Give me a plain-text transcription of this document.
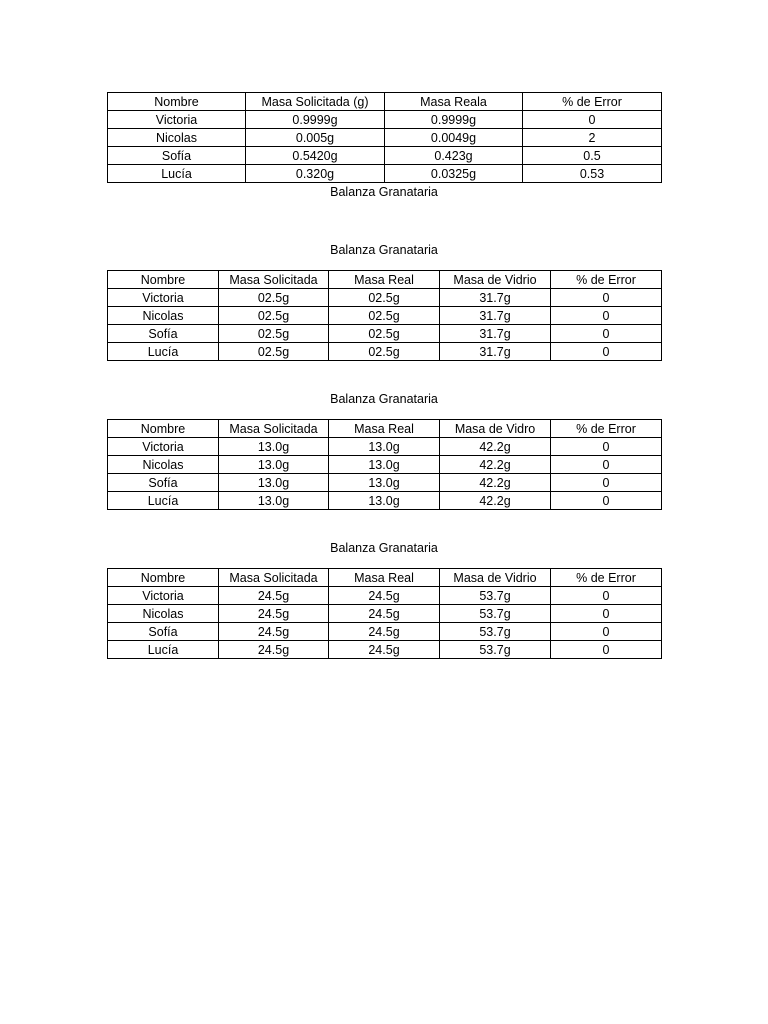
Nombre	Masa Solicitada (g)	Masa Reala	% de Error
Victoria	0.9999g	0.9999g	0
Nicolas	0.005g	0.0049g	2
Sofía	0.5420g	0.423g	0.5
Lucía	0.320g	0.0325g	0.53
Balanza Granataria
Balanza Granataria
Nombre	Masa Solicitada	Masa Real	Masa de Vidrio	% de Error
Victoria	02.5g	02.5g	31.7g	0
Nicolas	02.5g	02.5g	31.7g	0
Sofía	02.5g	02.5g	31.7g	0
Lucía	02.5g	02.5g	31.7g	0
Balanza Granataria
Nombre	Masa Solicitada	Masa Real	Masa de Vidro	% de Error
Victoria	13.0g	13.0g	42.2g	0
Nicolas	13.0g	13.0g	42.2g	0
Sofía	13.0g	13.0g	42.2g	0
Lucía	13.0g	13.0g	42.2g	0
Balanza Granataria
Nombre	Masa Solicitada	Masa Real	Masa de Vidrio	% de Error
Victoria	24.5g	24.5g	53.7g	0
Nicolas	24.5g	24.5g	53.7g	0
Sofía	24.5g	24.5g	53.7g	0
Lucía	24.5g	24.5g	53.7g	0
